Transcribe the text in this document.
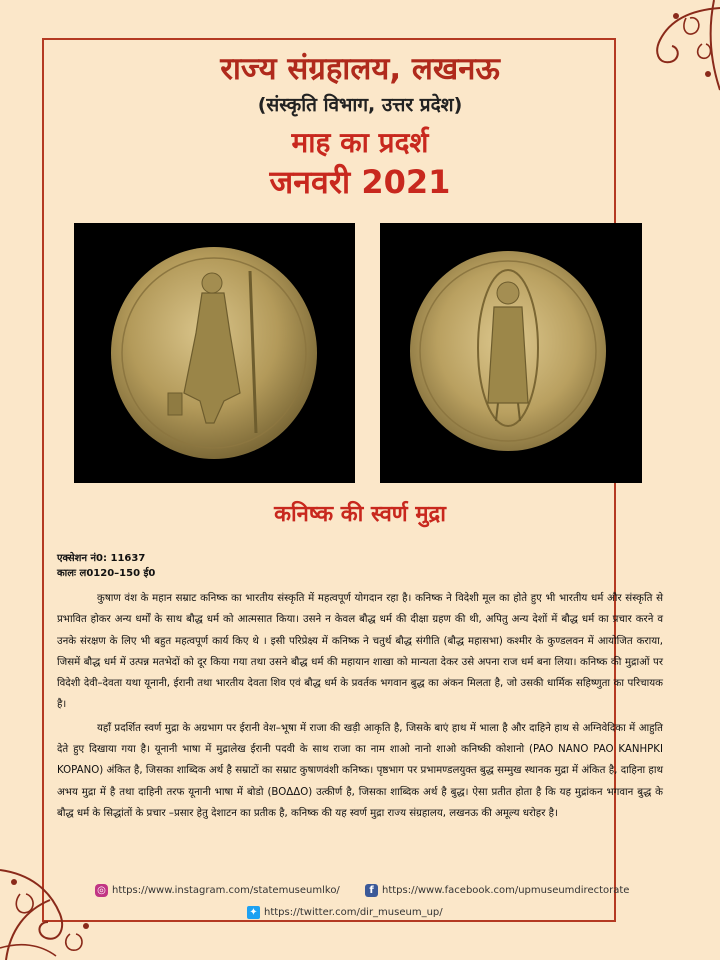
राज्य संग्रहालय, लखनऊ

(संस्कृति विभाग, उत्तर प्रदेश)

माह का प्रदर्श

जनवरी 2021

कनिष्क की स्वर्ण मुद्रा
एक्सेशन नं0: 11637
कालः ल0120–150 ई0

कुषाण वंश के महान सम्राट कनिष्क का भारतीय संस्कृति में महत्वपूर्ण योगदान रहा है। कनिष्क ने विदेशी मूल का होते हुए भी भारतीय धर्म और संस्कृति से प्रभावित होकर अन्य धर्मों के साथ बौद्ध धर्म को आत्मसात किया। उसने न केवल बौद्ध धर्म की दीक्षा ग्रहण की थी, अपितु अन्य देशों में बौद्ध धर्म का प्रचार करने व उनके संरक्षण के लिए भी बहुत महत्वपूर्ण कार्य किए थे । इसी परिप्रेक्ष्य में कनिष्क ने चतुर्थ बौद्ध संगीति (बौद्ध महासभा) कश्मीर के कुण्डलवन में आयोजित कराया, जिसमें बौद्ध धर्म में उत्पन्न मतभेदों को दूर किया गया तथा उसने बौद्ध धर्म की महायान शाखा को मान्यता देकर उसे अपना राज धर्म बना लिया। कनिष्क की मुद्राओं पर विदेशी देवी–देवता यथा यूनानी, ईरानी तथा भारतीय देवता शिव एवं बौद्ध धर्म के प्रवर्तक भगवान बुद्ध का अंकन मिलता है, जो उसकी धार्मिक सहिष्णुता का परिचायक है।

यहाँ प्रदर्शित स्वर्ण मुद्रा के अग्रभाग पर ईरानी वेश–भूषा में राजा की खड़ी आकृति है, जिसके बाएं हाथ में भाला है और दाहिने हाथ से अग्निवेदिका में आहुति देते हुए दिखाया गया है। यूनानी भाषा में मुद्रालेख ईरानी पदवी के साथ राजा का नाम शाओ नानो शाओ कनिष्की कोशानो (PAO NANO PAO KANHPKI KOPANO) अंकित है, जिसका शाब्दिक अर्थ है सम्राटों का सम्राट कुषाणवंशी कनिष्क। पृष्ठभाग पर प्रभामण्डलयुक्त बुद्ध सम्मुख स्थानक मुद्रा में अंकित है, दाहिना हाथ अभय मुद्रा में है तथा दाहिनी तरफ यूनानी भाषा में बोडो (BOΔΔO) उत्कीर्ण है, जिसका शाब्दिक अर्थ है बुद्ध। ऐसा प्रतीत होता है कि यह मुद्रांकन भगवान बुद्ध के बौद्ध धर्म के सिद्धांतों के प्रचार –प्रसार हेतु देशाटन का प्रतीक है, कनिष्क की यह स्वर्ण मुद्रा राज्य संग्रहालय, लखनऊ की अमूल्य धरोहर है।

◎ https://www.instagram.com/statemuseumlko/
	f https://www.facebook.com/upmuseumdirectorate
✦ https://twitter.com/dir_museum_up/
